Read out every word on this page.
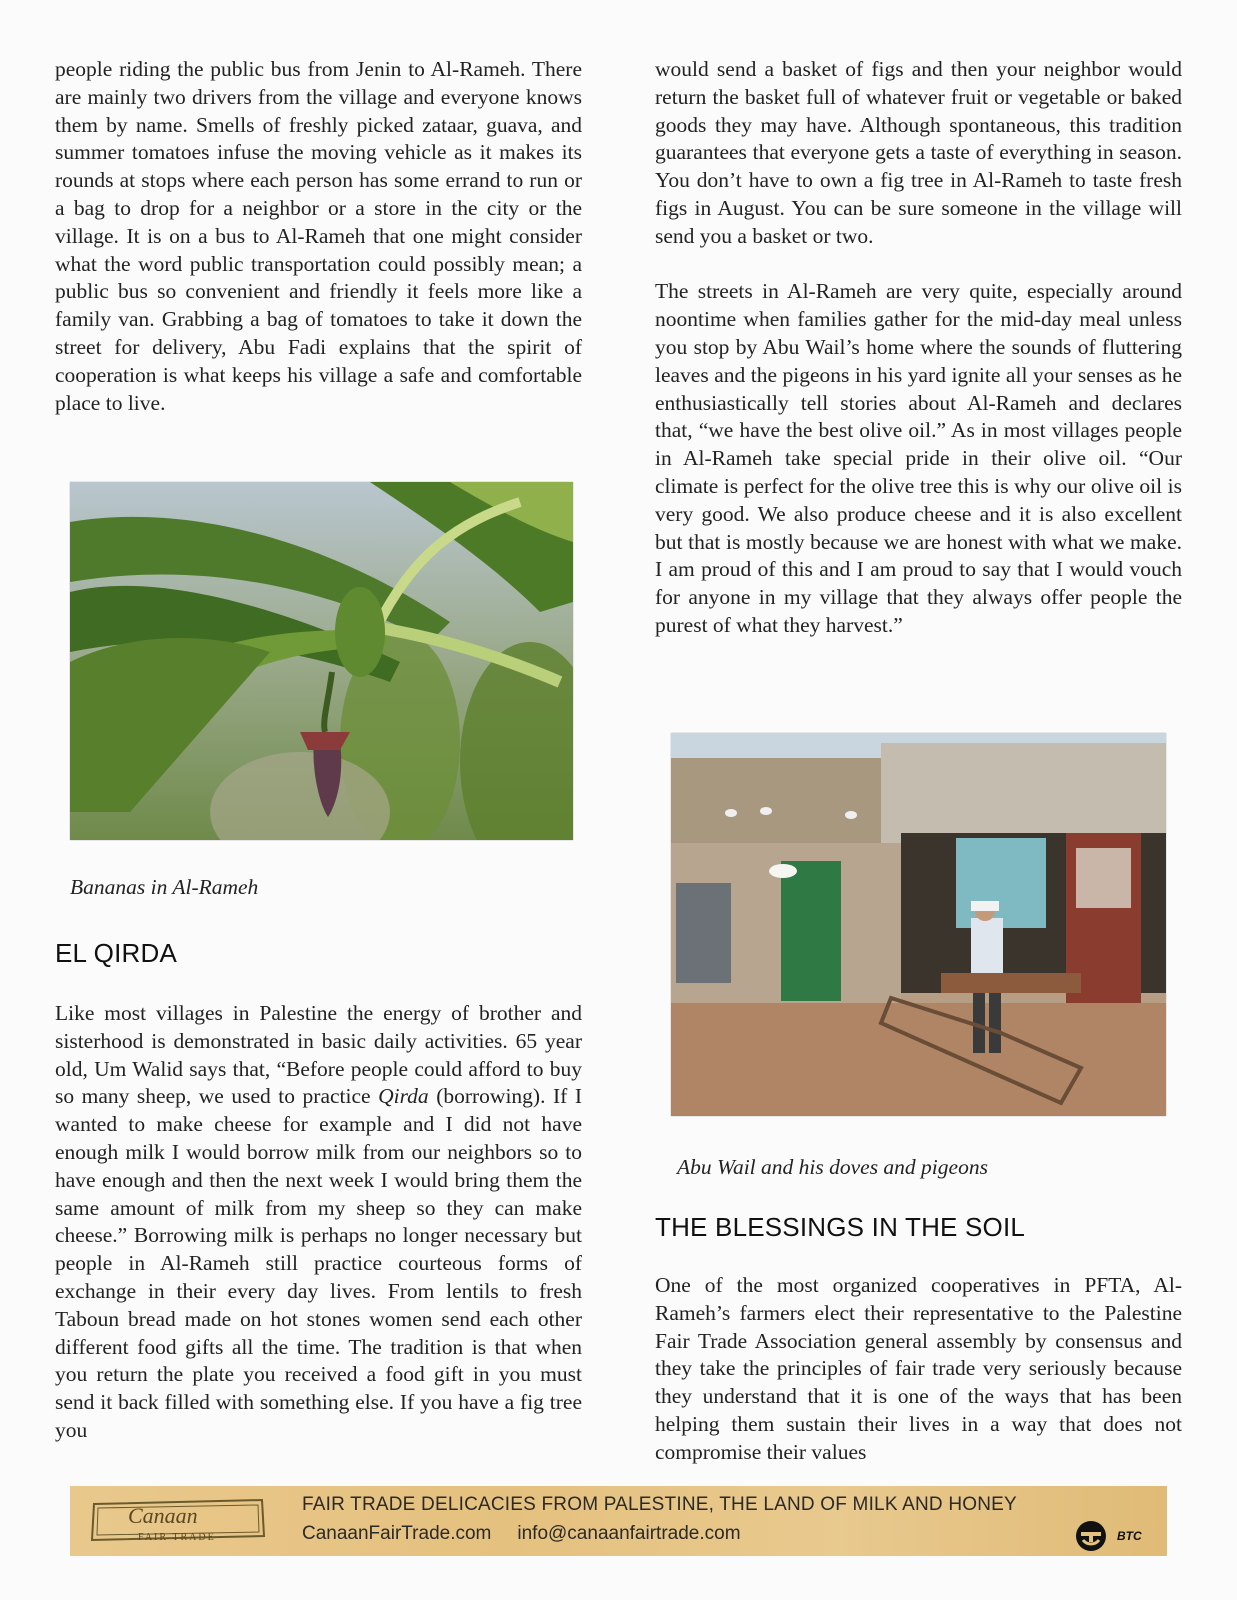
people riding the public bus from Jenin to Al-Rameh. There are mainly two drivers from the village and everyone knows them by name. Smells of freshly picked zataar, guava, and summer tomatoes infuse the moving vehicle as it makes its rounds at stops where each person has some errand to run or a bag to drop for a neighbor or a store in the city or the village. It is on a bus to Al-Rameh that one might consider what the word public transportation could possibly mean; a public bus so convenient and friendly it feels more like a family van. Grabbing a bag of tomatoes to take it down the street for delivery, Abu Fadi explains that the spirit of cooperation is what keeps his village a safe and comfortable place to live.

Bananas in Al-Rameh
EL QIRDA

Like most villages in Palestine the energy of brother and sisterhood is demonstrated in basic daily activities. 65 year old, Um Walid says that, “Before people could afford to buy so many sheep, we used to practice Qirda (borrowing). If I wanted to make cheese for example and I did not have enough milk I would borrow milk from our neighbors so to have enough and then the next week I would bring them the same amount of milk from my sheep so they can make cheese.” Borrowing milk is perhaps no longer necessary but people in Al-Rameh still practice courteous forms of exchange in their every day lives. From lentils to fresh Taboun bread made on hot stones women send each other different food gifts all the time. The tradition is that when you return the plate you received a food gift in you must send it back filled with something else. If you have a fig tree you

would send a basket of figs and then your neighbor would return the basket full of whatever fruit or vegetable or baked goods they may have. Although spontaneous, this tradition guarantees that everyone gets a taste of everything in season. You don’t have to own a fig tree in Al-Rameh to taste fresh figs in August. You can be sure someone in the village will send you a basket or two.

The streets in Al-Rameh are very quite, especially around noontime when families gather for the mid-day meal unless you stop by Abu Wail’s home where the sounds of fluttering leaves and the pigeons in his yard ignite all your senses as he enthusiastically tell stories about Al-Rameh and declares that, “we have the best olive oil.” As in most villages people in Al-Rameh take special pride in their olive oil. “Our climate is perfect for the olive tree this is why our olive oil is very good. We also produce cheese and it is also excellent but that is mostly because we are honest with what we make. I am proud of this and I am proud to say that I would vouch for anyone in my village that they always offer people the purest of what they harvest.”

Abu Wail and his doves and pigeons
THE BLESSINGS IN THE SOIL

One of the most organized cooperatives in PFTA, Al-Rameh’s farmers elect their representative to the Palestine Fair Trade Association general assembly by consensus and they take the principles of fair trade very seriously because they understand that it is one of the ways that has been helping them sustain their lives in a way that does not compromise their values

Canaan
FAIR TRADE
FAIR TRADE DELICACIES FROM PALESTINE, THE LAND OF MILK AND HONEY
CanaanFairTrade.com info@canaanfairtrade.com	BTC
